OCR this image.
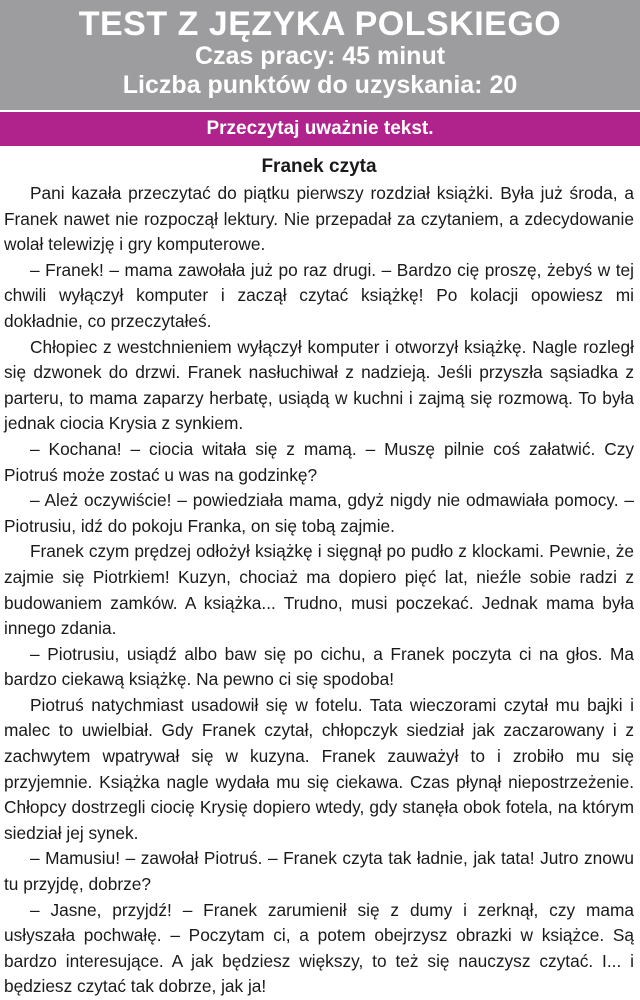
TEST Z JĘZYKA POLSKIEGO
Czas pracy: 45 minut
Liczba punktów do uzyskania: 20
Przeczytaj uważnie tekst.
Franek czyta

Pani kazała przeczytać do piątku pierwszy rozdział książki. Była już środa, a Franek nawet nie rozpoczął lektury. Nie przepadał za czytaniem, a zdecydowanie wolał telewizję i gry komputerowe.

– Franek! – mama zawołała już po raz drugi. – Bardzo cię proszę, żebyś w tej chwili wyłączył komputer i zaczął czytać książkę! Po kolacji opowiesz mi dokładnie, co przeczytałeś.

Chłopiec z westchnieniem wyłączył komputer i otworzył książkę. Nagle rozległ się dzwonek do drzwi. Franek nasłuchiwał z nadzieją. Jeśli przyszła sąsiadka z parteru, to mama zaparzy herbatę, usiądą w kuchni i zajmą się rozmową. To była jednak ciocia Krysia z synkiem.

– Kochana! – ciocia witała się z mamą. – Muszę pilnie coś załatwić. Czy Piotruś może zostać u was na godzinkę?

– Ależ oczywiście! – powiedziała mama, gdyż nigdy nie odmawiała pomocy. – Piotrusiu, idź do pokoju Franka, on się tobą zajmie.

Franek czym prędzej odłożył książkę i sięgnął po pudło z klockami. Pewnie, że zajmie się Piotrkiem! Kuzyn, chociaż ma dopiero pięć lat, nieźle sobie radzi z budowaniem zamków. A książka... Trudno, musi poczekać. Jednak mama była innego zdania.

– Piotrusiu, usiądź albo baw się po cichu, a Franek poczyta ci na głos. Ma bardzo ciekawą książkę. Na pewno ci się spodoba!

Piotruś natychmiast usadowił się w fotelu. Tata wieczorami czytał mu bajki i malec to uwielbiał. Gdy Franek czytał, chłopczyk siedział jak zaczarowany i z zachwytem wpatrywał się w kuzyna. Franek zauważył to i zrobiło mu się przyjemnie. Książka nagle wydała mu się ciekawa. Czas płynął niepostrzeżenie. Chłopcy dostrzegli ciocię Krysię dopiero wtedy, gdy stanęła obok fotela, na którym siedział jej synek.

– Mamusiu! – zawołał Piotruś. – Franek czyta tak ładnie, jak tata! Jutro znowu tu przyjdę, dobrze?

– Jasne, przyjdź! – Franek zarumienił się z dumy i zerknął, czy mama usłyszała pochwałę. – Poczytam ci, a potem obejrzysz obrazki w książce. Są bardzo interesujące. A jak będziesz większy, to też się nauczysz czytać. I... i będziesz czytać tak dobrze, jak ja!
